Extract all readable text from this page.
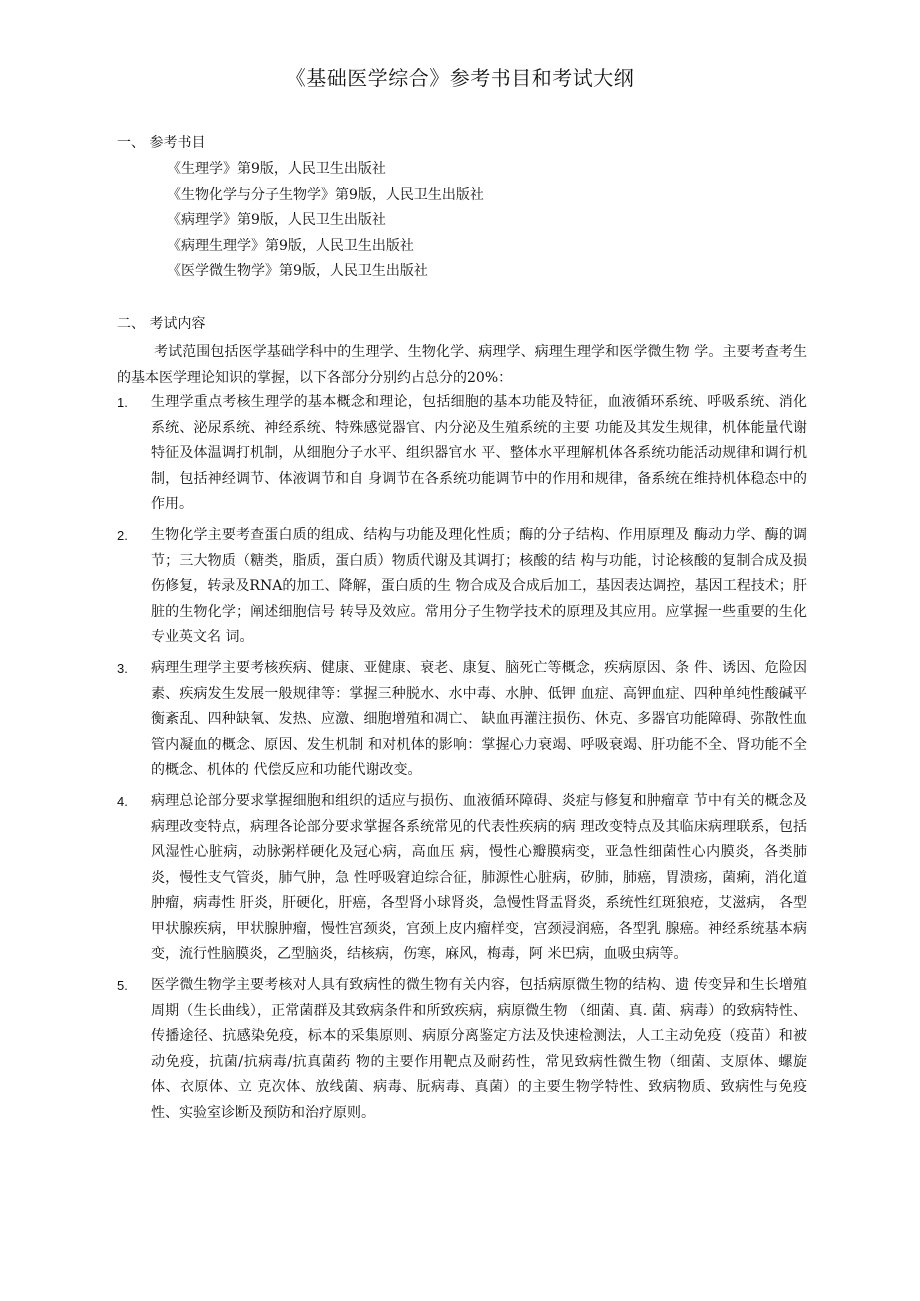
《基础医学综合》参考书目和考试大纲
一、 参考书目
《生理学》第9版，人民卫生出版社
《生物化学与分子生物学》第9版，人民卫生出版社
《病理学》第9版，人民卫生出版社
《病理生理学》第9版，人民卫生出版社
《医学微生物学》第9版，人民卫生出版社
二、 考试内容

考试范围包括医学基础学科中的生理学、生物化学、病理学、病理生理学和医学微生物 学。主要考查考生的基本医学理论知识的掌握，以下各部分分别约占总分的20%：

1. 生理学重点考核生理学的基本概念和理论，包括细胞的基本功能及特征，血液循环系统、呼吸系统、消化系统、泌尿系统、神经系统、特殊感觉器官、内分泌及生殖系统的主要 功能及其发生规律，机体能量代谢特征及体温调打机制，从细胞分子水平、组织器官水 平、整体水平理解机体各系统功能活动规律和调行机制，包括神经调节、体液调节和自 身调节在各系统功能调节中的作用和规律，备系统在维持机体稳态中的作用。
2. 生物化学主要考查蛋白质的组成、结构与功能及理化性质；酶的分子结构、作用原理及 酶动力学、酶的调节；三大物质（糖类，脂质，蛋白质）物质代谢及其调打；核酸的结 构与功能，讨论核酸的复制合成及损伤修复，转录及RNA的加工、降解，蛋白质的生 物合成及合成后加工，基因表达调控，基因工程技术；肝脏的生物化学；阐述细胞信号 转导及效应。常用分子生物学技术的原理及其应用。应掌握一些重要的生化专业英文名 词。
3. 病理生理学主要考核疾病、健康、亚健康、衰老、康复、脑死亡等概念，疾病原因、条 件、诱因、危险因素、疾病发生发展一般规律等：掌握三种脱水、水中毒、水肿、低钾 血症、高钾血症、四种单纯性酸碱平衡紊乱、四种缺氧、发热、应激、细胞增殖和凋亡、 缺血再灌注损伤、休克、多器官功能障碍、弥散性血管内凝血的概念、原因、发生机制 和对机体的影响：掌握心力衰竭、呼吸衰竭、肝功能不全、肾功能不全的概念、机体的 代偿反应和功能代谢改变。
4. 病理总论部分要求掌握细胞和组织的适应与损伤、血液循环障碍、炎症与修复和肿瘤章 节中有关的概念及病理改变特点，病理各论部分要求掌握各系统常见的代表性疾病的病 理改变特点及其临床病理联系，包括风湿性心脏病，动脉粥样硬化及冠心病，高血压 病，慢性心瓣膜病变，亚急性细菌性心内膜炎，各类肺炎，慢性支气管炎，肺气肿，急 性呼吸窘迫综合征，肺源性心脏病，矽肺，肺癌，胃溃疡，菌痢，消化道肿瘤，病毒性 肝炎，肝硬化，肝癌，各型肾小球肾炎，急慢性肾盂肾炎，系统性红斑狼疮，艾滋病， 各型甲状腺疾病，甲状腺肿瘤，慢性宫颈炎，宫颈上皮内瘤样变，宫颈浸润癌，各型乳 腺癌。神经系统基本病变，流行性脑膜炎，乙型脑炎，结核病，伤寒，麻风，梅毒，阿 米巴病，血吸虫病等。
5. 医学微生物学主要考核对人具有致病性的微生物有关内容，包括病原微生物的结构、遗 传变异和生长增殖周期（生长曲线），正常菌群及其致病条件和所致疾病，病原微生物 （细菌、真. 菌、病毒）的致病特性、传播途径、抗感染免疫，标本的采集原则、病原分离鉴定方法及快速检测法，人工主动免疫（疫苗）和被动免疫，抗菌/抗病毒/抗真菌药 物的主要作用靶点及耐药性，常见致病性微生物（细菌、支原体、螺旋体、衣原体、立 克次体、放线菌、病毒、朊病毒、真菌）的主要生物学特性、致病物质、致病性与免疫 性、实验室诊断及预防和治疗原则。
